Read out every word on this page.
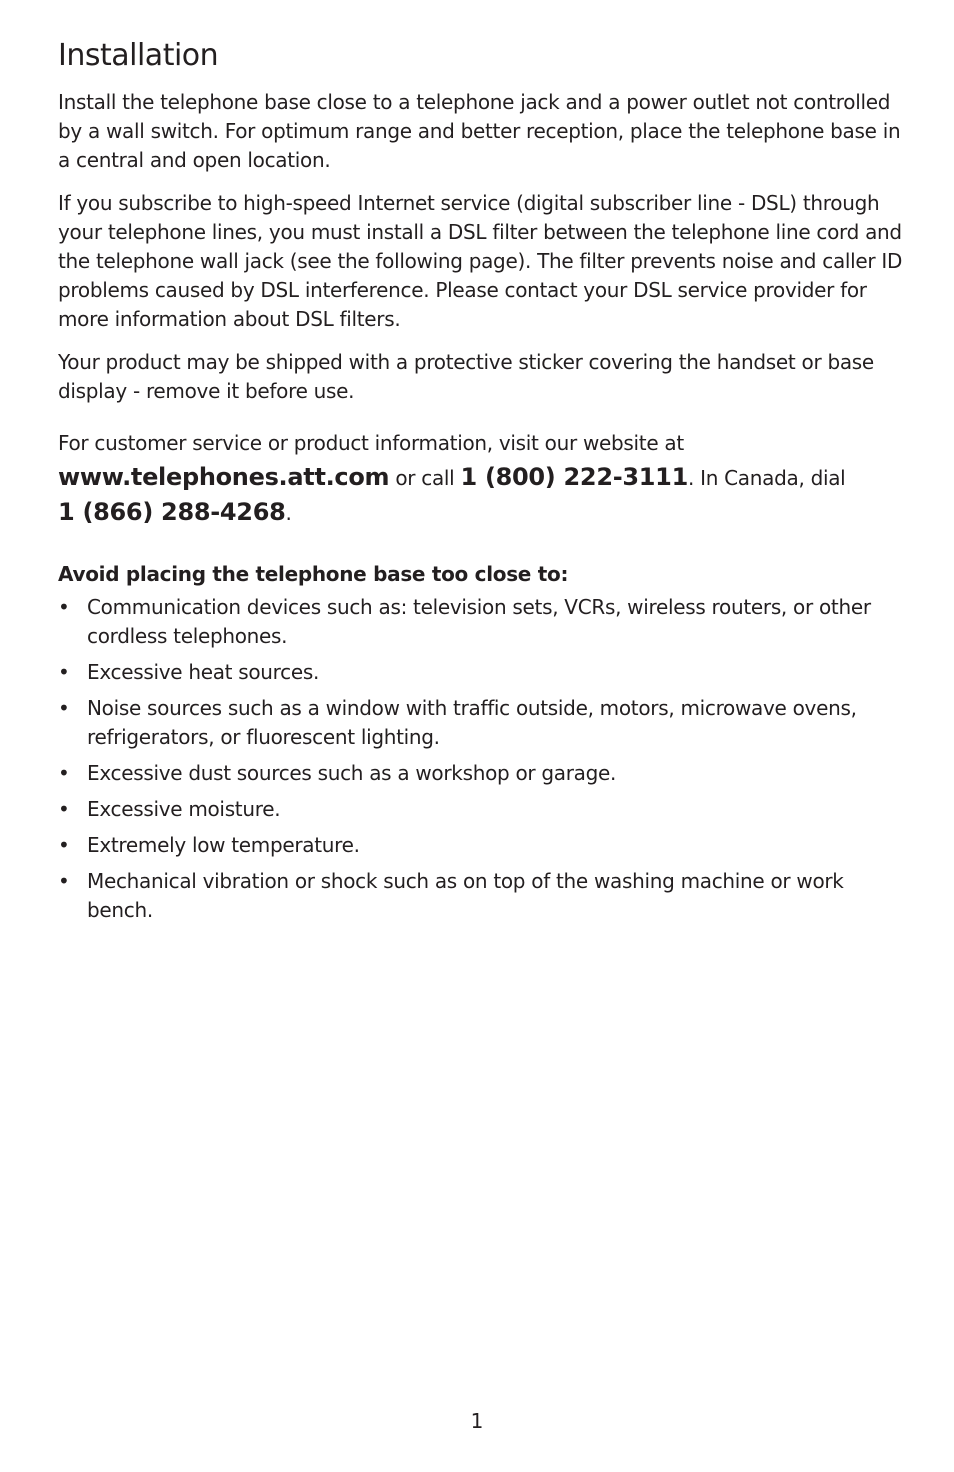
Installation

Install the telephone base close to a telephone jack and a power outlet not controlled by a wall switch. For optimum range and better reception, place the telephone base in a central and open location.

If you subscribe to high-speed Internet service (digital subscriber line - DSL) through your telephone lines, you must install a DSL filter between the telephone line cord and the telephone wall jack (see the following page). The filter prevents noise and caller ID problems caused by DSL interference. Please contact your DSL service provider for more information about DSL filters.

Your product may be shipped with a protective sticker covering the handset or base display - remove it before use.

For customer service or product information, visit our website at
www.telephones.att.com or call 1 (800) 222-3111. In Canada, dial
1 (866) 288-4268.

Avoid placing the telephone base too close to:
• Communication devices such as: television sets, VCRs, wireless routers, or other cordless telephones.
• Excessive heat sources.
• Noise sources such as a window with traffic outside, motors, microwave ovens, refrigerators, or fluorescent lighting.
• Excessive dust sources such as a workshop or garage.
• Excessive moisture.
• Extremely low temperature.
• Mechanical vibration or shock such as on top of the washing machine or work bench.
1
